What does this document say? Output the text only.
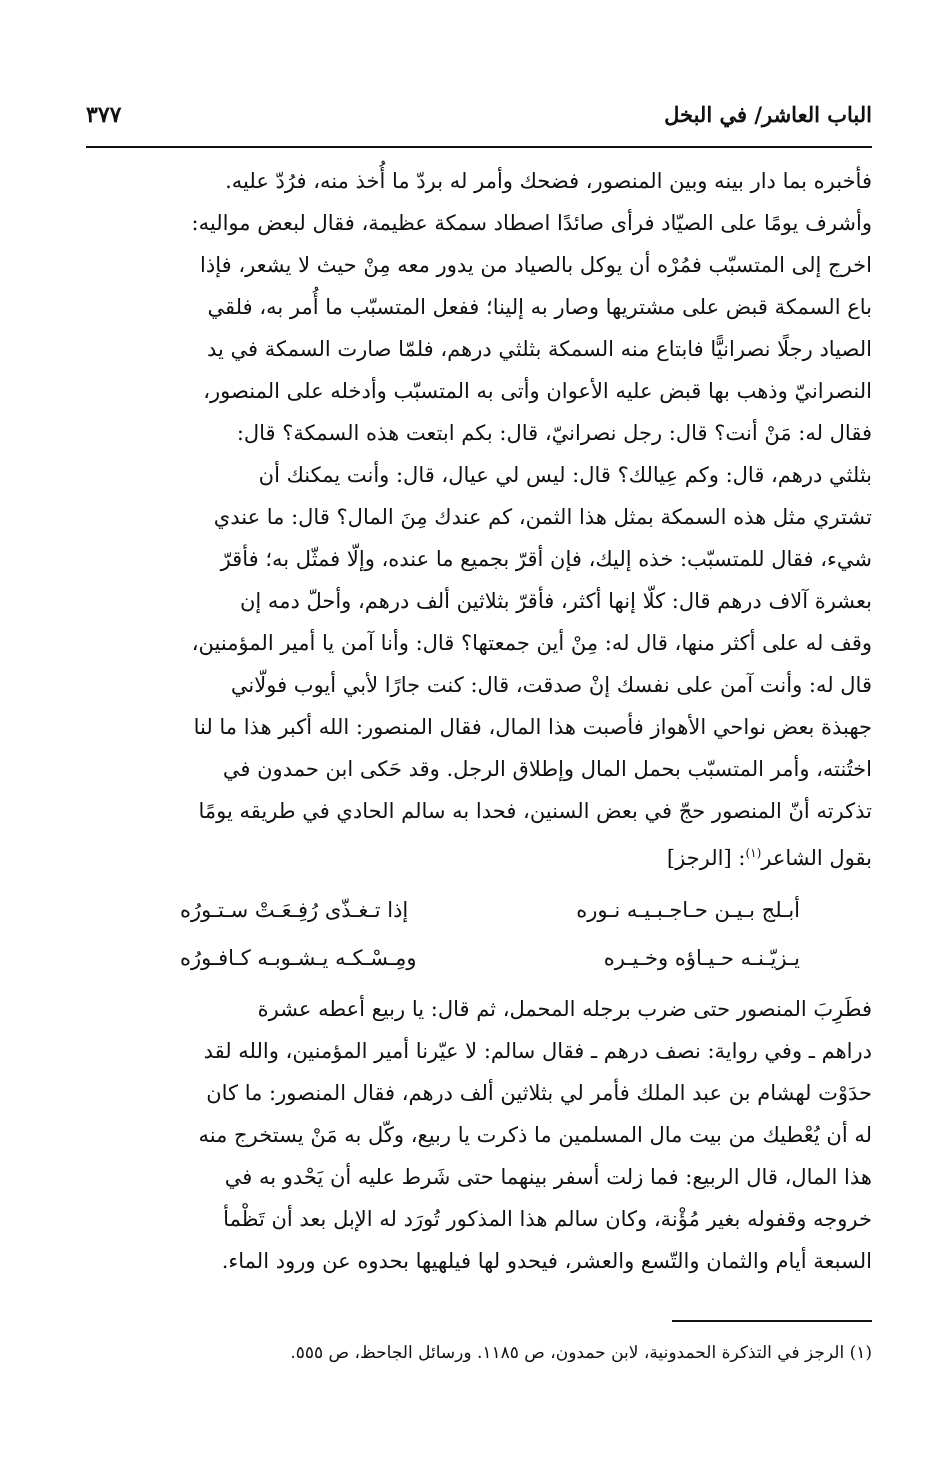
الباب العاشر/ في البخل
٣٧٧

فأخبره بما دار بينه وبين المنصور، فضحك وأمر له بردّ ما أُخذ منه، فرُدّ عليه.

وأشرف يومًا على الصيّاد فرأى صائدًا اصطاد سمكة عظيمة، فقال لبعض مواليه:

اخرج إلى المتسبّب فمُرْه أن يوكل بالصياد من يدور معه مِنْ حيث لا يشعر، فإذا

باع السمكة قبض على مشتريها وصار به إلينا؛ ففعل المتسبّب ما أُمر به، فلقي

الصياد رجلًا نصرانيًّا فابتاع منه السمكة بثلثي درهم، فلمّا صارت السمكة في يد

النصرانيّ وذهب بها قبض عليه الأعوان وأتى به المتسبّب وأدخله على المنصور،

فقال له: مَنْ أنت؟ قال: رجل نصرانيّ، قال: بكم ابتعت هذه السمكة؟ قال:

بثلثي درهم، قال: وكم عِيالك؟ قال: ليس لي عيال، قال: وأنت يمكنك أن

تشتري مثل هذه السمكة بمثل هذا الثمن، كم عندك مِنَ المال؟ قال: ما عندي

شيء، فقال للمتسبّب: خذه إليك، فإن أقرّ بجميع ما عنده، وإلّا فمثّل به؛ فأقرّ

بعشرة آلاف درهم قال: كلّا إنها أكثر، فأقرّ بثلاثين ألف درهم، وأحلّ دمه إن

وقف له على أكثر منها، قال له: مِنْ أين جمعتها؟ قال: وأنا آمن يا أمير المؤمنين،

قال له: وأنت آمن على نفسك إنْ صدقت، قال: كنت جارًا لأبي أيوب فولّاني

جهبذة بعض نواحي الأهواز فأصبت هذا المال، فقال المنصور: الله أكبر هذا ما لنا

اختُنته، وأمر المتسبّب بحمل المال وإطلاق الرجل. وقد حَكى ابن حمدون في

تذكرته أنّ المنصور حجّ في بعض السنين، فحدا به سالم الحادي في طريقه يومًا

بقول الشاعر$^{(١)}$: [الرجز]

أبـلج بـيـن حـاجـبـيـه نـوره
إذا تـغـذّى رُفِـعَـتْ سـتـورُه
يـزيّـنـه حـيـاؤه وخـيـره
ومِـسْـكـه يـشـوبـه كـافـورُه

فطَرِبَ المنصور حتى ضرب برجله المحمل، ثم قال: يا ربيع أعطه عشرة

دراهم ـ وفي رواية: نصف درهم ـ فقال سالم: لا عيّرنا أمير المؤمنين، والله لقد

حدَوْت لهشام بن عبد الملك فأمر لي بثلاثين ألف درهم، فقال المنصور: ما كان

له أن يُعْطيك من بيت مال المسلمين ما ذكرت يا ربيع، وكّل به مَنْ يستخرج منه

هذا المال، قال الربيع: فما زلت أسفر بينهما حتى شَرط عليه أن يَحْدو به في

خروجه وقفوله بغير مُؤْنة، وكان سالم هذا المذكور تُورَد له الإبل بعد أن تَظْمأ

السبعة أيام والثمان والتّسع والعشر، فيحدو لها فيلهيها بحدوه عن ورود الماء.

(١) الرجز في التذكرة الحمدونية، لابن حمدون، ص ١١٨٥. ورسائل الجاحظ، ص ٥٥٥.
